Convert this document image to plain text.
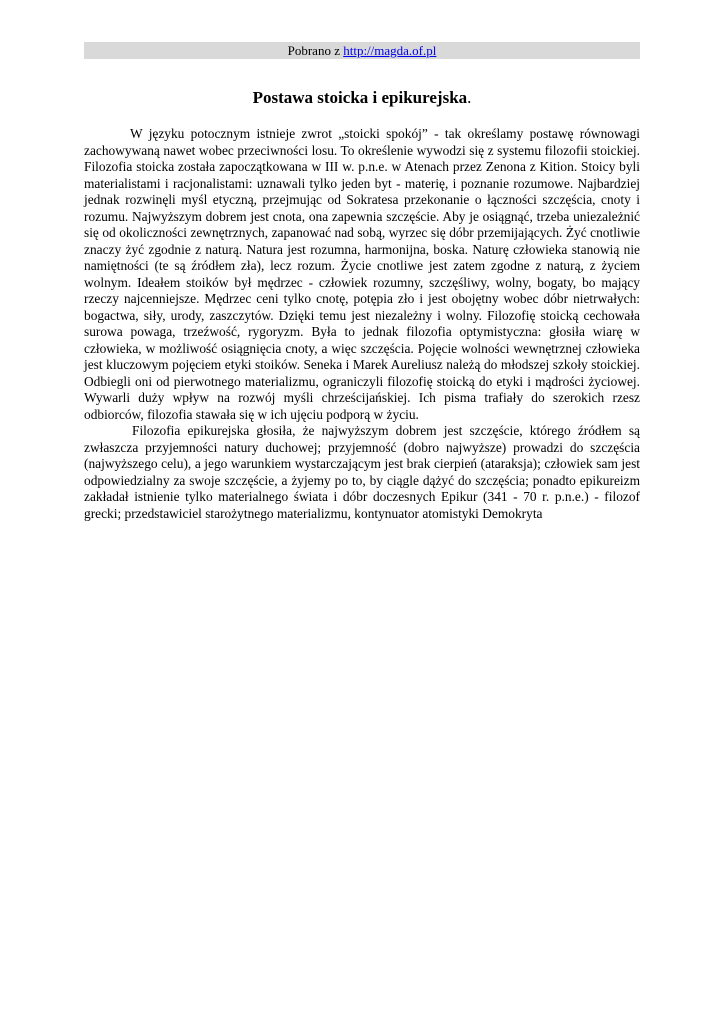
Pobrano z http://magda.of.pl
Postawa stoicka i epikurejska.

W języku potocznym istnieje zwrot „stoicki spokój” - tak określamy postawę równowagi zachowywaną nawet wobec przeciwności losu. To określenie wywodzi się z systemu filozofii stoickiej. Filozofia stoicka została zapoczątkowana w III w. p.n.e. w Atenach przez Zenona z Kition. Stoicy byli materialistami i racjonalistami: uznawali tylko jeden byt - materię, i poznanie rozumowe. Najbardziej jednak rozwinęli myśl etyczną, przejmując od Sokratesa przekonanie o łączności szczęścia, cnoty i rozumu. Najwyższym dobrem jest cnota, ona zapewnia szczęście. Aby je osiągnąć, trzeba uniezależnić się od okoliczności zewnętrznych, zapanować nad sobą, wyrzec się dóbr przemijających. Żyć cnotliwie znaczy żyć zgodnie z naturą. Natura jest rozumna, harmonijna, boska. Naturę człowieka stanowią nie namiętności (te są źródłem zła), lecz rozum. Życie cnotliwe jest zatem zgodne z naturą, z życiem wolnym. Ideałem stoików był mędrzec - człowiek rozumny, szczęśliwy, wolny, bogaty, bo mający rzeczy najcenniejsze. Mędrzec ceni tylko cnotę, potępia zło i jest obojętny wobec dóbr nietrwałych: bogactwa, siły, urody, zaszczytów. Dzięki temu jest niezależny i wolny. Filozofię stoicką cechowała surowa powaga, trzeźwość, rygoryzm. Była to jednak filozofia optymistyczna: głosiła wiarę w człowieka, w możliwość osiągnięcia cnoty, a więc szczęścia. Pojęcie wolności wewnętrznej człowieka jest kluczowym pojęciem etyki stoików. Seneka i Marek Aureliusz należą do młodszej szkoły stoickiej. Odbiegli oni od pierwotnego materializmu, ograniczyli filozofię stoicką do etyki i mądrości życiowej. Wywarli duży wpływ na rozwój myśli chrześcijańskiej. Ich pisma trafiały do szerokich rzesz odbiorców, filozofia stawała się w ich ujęciu podporą w życiu.

Filozofia epikurejska głosiła, że najwyższym dobrem jest szczęście, którego źródłem są zwłaszcza przyjemności natury duchowej; przyjemność (dobro najwyższe) prowadzi do szczęścia (najwyższego celu), a jego warunkiem wystarczającym jest brak cierpień (ataraksja); człowiek sam jest odpowiedzialny za swoje szczęście, a żyjemy po to, by ciągle dążyć do szczęścia; ponadto epikureizm zakładał istnienie tylko materialnego świata i dóbr doczesnych Epikur (341 - 70 r. p.n.e.) - filozof grecki; przedstawiciel starożytnego materializmu, kontynuator atomistyki Demokryta
